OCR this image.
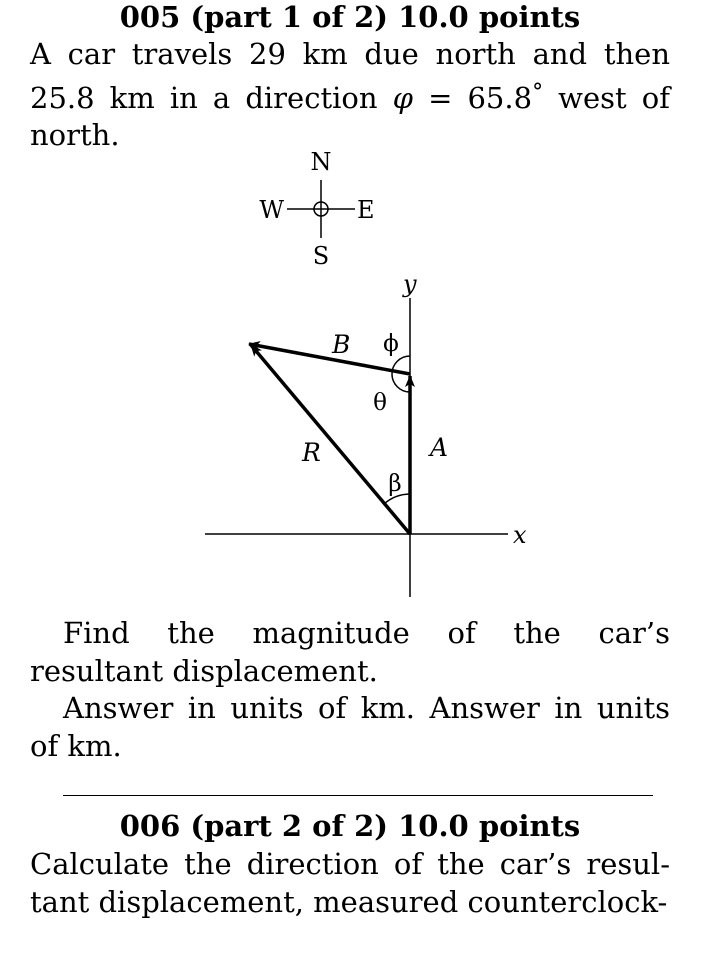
005 (part 1 of 2) 10.0 points

A car travels 29 km due north and then 25.8 km in a direction φ = 65.8° west of north.

N
S
E
W
x
y
A
B
R
ϕ
θ
β

Find the magnitude of the car’s resultant displacement.

Answer in units of km. Answer in units of km.

006 (part 2 of 2) 10.0 points

Calculate the direction of the car’s resul- tant displacement, measured counterclock-
